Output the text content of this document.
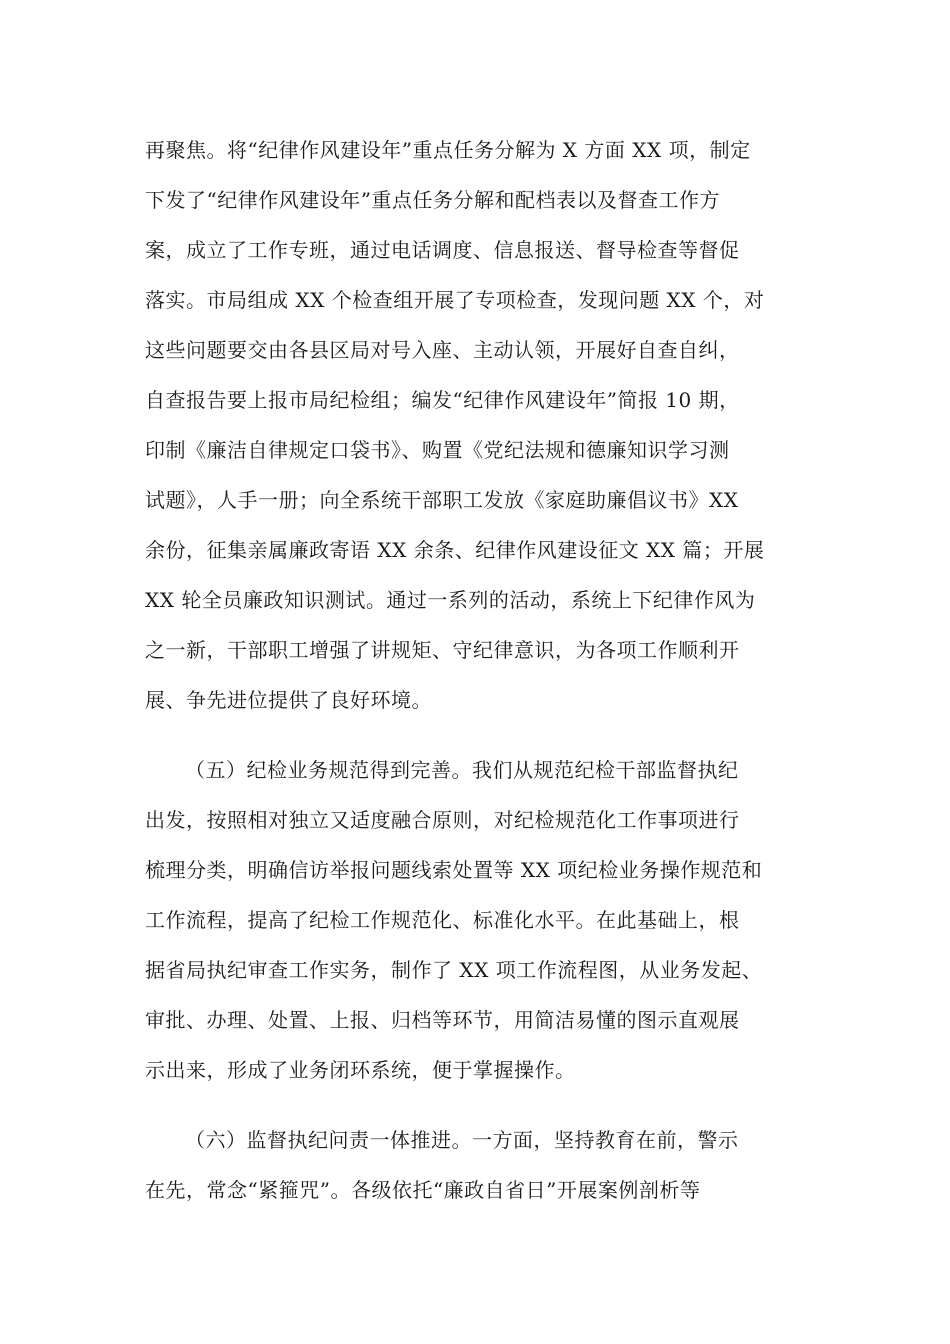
再聚焦。将“纪律作风建设年”重点任务分解为 X 方面 XX 项，制定
下发了“纪律作风建设年”重点任务分解和配档表以及督查工作方
案，成立了工作专班，通过电话调度、信息报送、督导检查等督促
落实。市局组成 XX 个检查组开展了专项检查，发现问题 XX 个，对
这些问题要交由各县区局对号入座、主动认领，开展好自查自纠，
自查报告要上报市局纪检组；编发“纪律作风建设年”简报 10 期，
印制《廉洁自律规定口袋书》、购置《党纪法规和德廉知识学习测
试题》，人手一册；向全系统干部职工发放《家庭助廉倡议书》XX
余份，征集亲属廉政寄语 XX 余条、纪律作风建设征文 XX 篇；开展
XX 轮全员廉政知识测试。通过一系列的活动，系统上下纪律作风为
之一新，干部职工增强了讲规矩、守纪律意识，为各项工作顺利开
展、争先进位提供了良好环境。
（五）纪检业务规范得到完善。我们从规范纪检干部监督执纪
出发，按照相对独立又适度融合原则，对纪检规范化工作事项进行
梳理分类，明确信访举报问题线索处置等 XX 项纪检业务操作规范和
工作流程，提高了纪检工作规范化、标准化水平。在此基础上，根
据省局执纪审查工作实务，制作了 XX 项工作流程图，从业务发起、
审批、办理、处置、上报、归档等环节，用简洁易懂的图示直观展
示出来，形成了业务闭环系统，便于掌握操作。
（六）监督执纪问责一体推进。一方面，坚持教育在前，警示
在先，常念“紧箍咒”。各级依托“廉政自省日”开展案例剖析等
